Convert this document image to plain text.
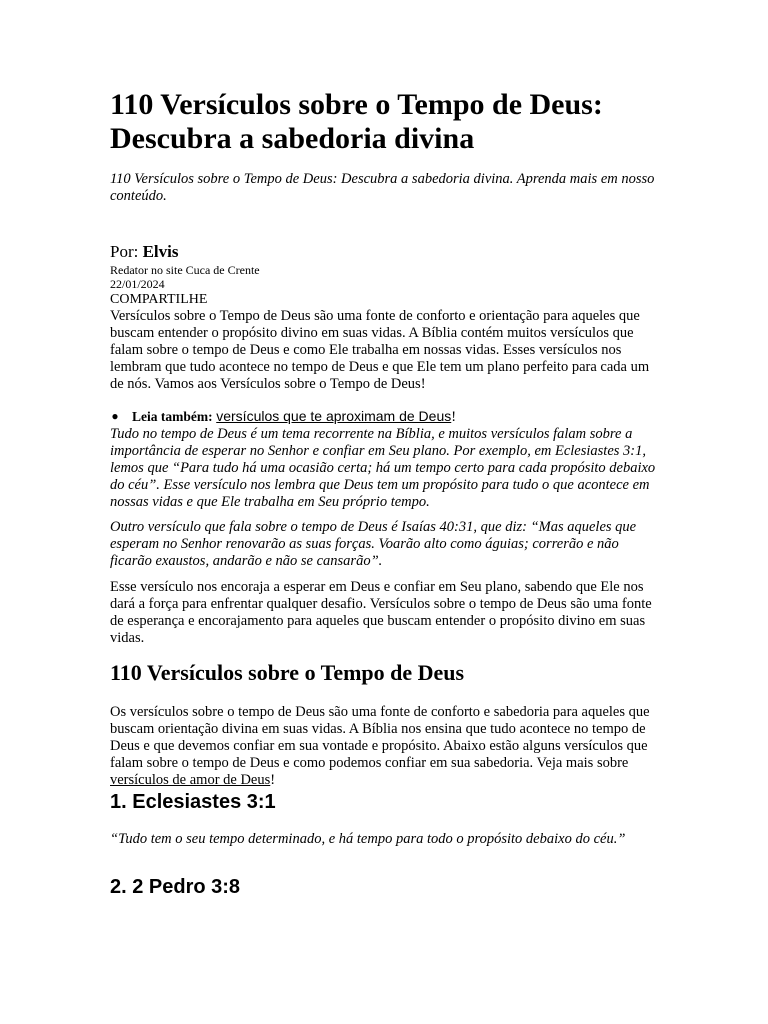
110 Versículos sobre o Tempo de Deus: Descubra a sabedoria divina

110 Versículos sobre o Tempo de Deus: Descubra a sabedoria divina. Aprenda mais em nosso conteúdo.

Por: Elvis
Redator no site Cuca de Crente
22/01/2024
COMPARTILHE

Versículos sobre o Tempo de Deus são uma fonte de conforto e orientação para aqueles que buscam entender o propósito divino em suas vidas. A Bíblia contém muitos versículos que falam sobre o tempo de Deus e como Ele trabalha em nossas vidas. Esses versículos nos lembram que tudo acontece no tempo de Deus e que Ele tem um plano perfeito para cada um de nós. Vamos aos Versículos sobre o Tempo de Deus!

● Leia também: versículos que te aproximam de Deus!

Tudo no tempo de Deus é um tema recorrente na Bíblia, e muitos versículos falam sobre a importância de esperar no Senhor e confiar em Seu plano. Por exemplo, em Eclesiastes 3:1, lemos que “Para tudo há uma ocasião certa; há um tempo certo para cada propósito debaixo do céu”. Esse versículo nos lembra que Deus tem um propósito para tudo o que acontece em nossas vidas e que Ele trabalha em Seu próprio tempo.

Outro versículo que fala sobre o tempo de Deus é Isaías 40:31, que diz: “Mas aqueles que esperam no Senhor renovarão as suas forças. Voarão alto como águias; correrão e não ficarão exaustos, andarão e não se cansarão”.

Esse versículo nos encoraja a esperar em Deus e confiar em Seu plano, sabendo que Ele nos dará a força para enfrentar qualquer desafio. Versículos sobre o tempo de Deus são uma fonte de esperança e encorajamento para aqueles que buscam entender o propósito divino em suas vidas.

110 Versículos sobre o Tempo de Deus

Os versículos sobre o tempo de Deus são uma fonte de conforto e sabedoria para aqueles que buscam orientação divina em suas vidas. A Bíblia nos ensina que tudo acontece no tempo de Deus e que devemos confiar em sua vontade e propósito. Abaixo estão alguns versículos que falam sobre o tempo de Deus e como podemos confiar em sua sabedoria. Veja mais sobre versículos de amor de Deus!

1. Eclesiastes 3:1

“Tudo tem o seu tempo determinado, e há tempo para todo o propósito debaixo do céu.”

2. 2 Pedro 3:8
